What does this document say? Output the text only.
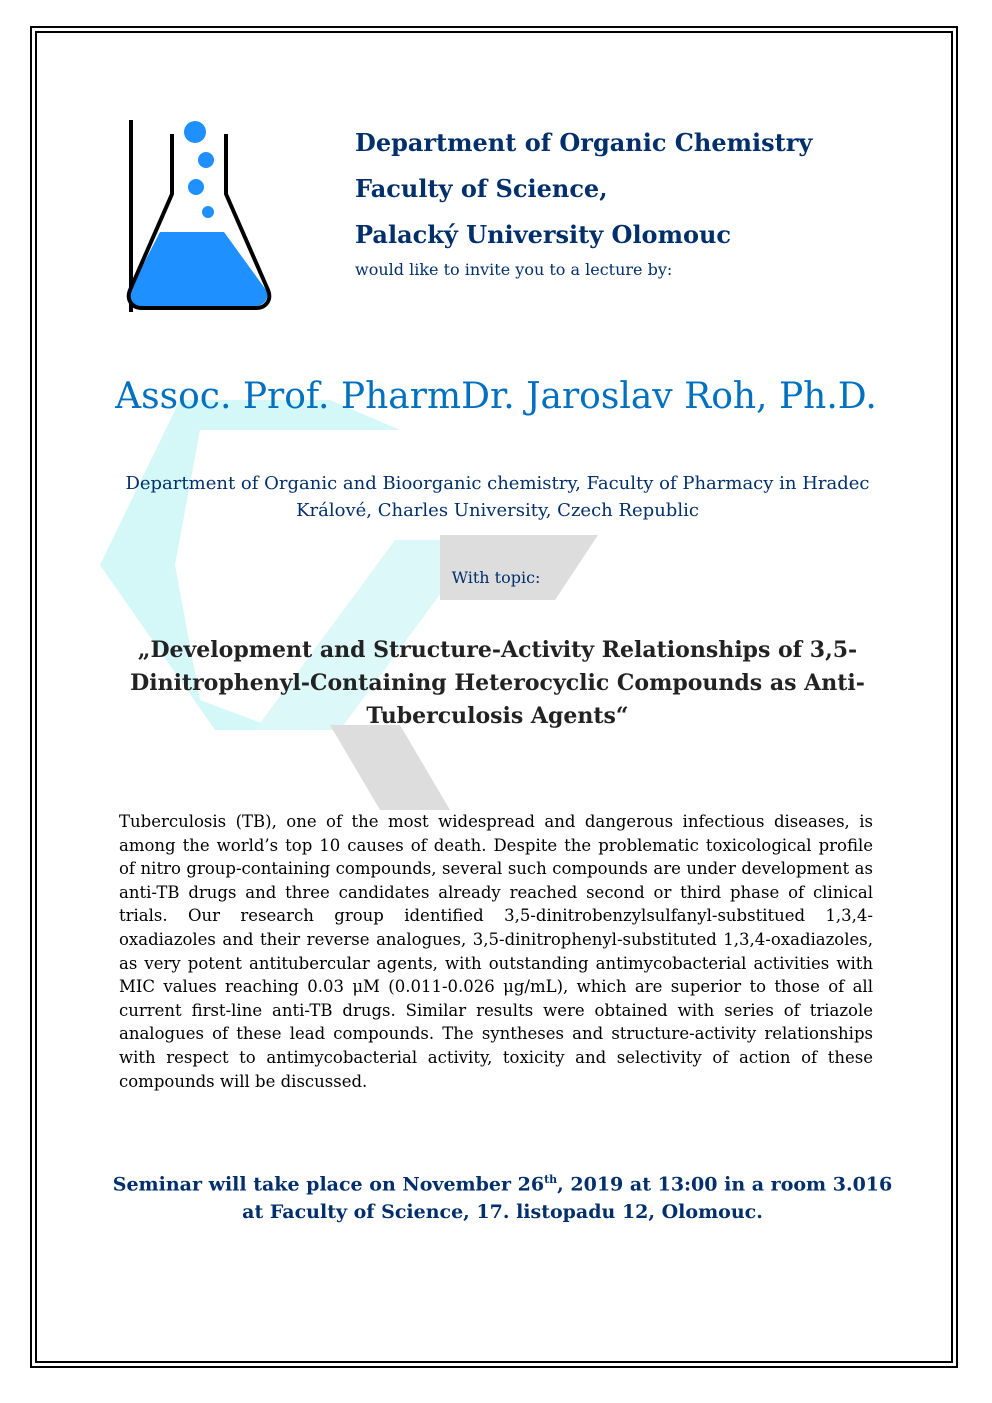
Department of Organic Chemistry
Faculty of Science,
Palacký University Olomouc
would like to invite you to a lecture by:
Assoc. Prof. PharmDr. Jaroslav Roh, Ph.D.
Department of Organic and Bioorganic chemistry, Faculty of Pharmacy in Hradec Králové, Charles University, Czech Republic
With topic:
„Development and Structure-Activity Relationships of 3,5-Dinitrophenyl-Containing Heterocyclic Compounds as Anti-Tuberculosis Agents“
Tuberculosis (TB), one of the most widespread and dangerous infectious diseases, is among the world’s top 10 causes of death. Despite the problematic toxicological profile of nitro group-containing compounds, several such compounds are under development as anti-TB drugs and three candidates already reached second or third phase of clinical trials. Our research group identified 3,5-dinitrobenzylsulfanyl-substitued 1,3,4-oxadiazoles and their reverse analogues, 3,5-dinitrophenyl-substituted 1,3,4-oxadiazoles, as very potent antitubercular agents, with outstanding antimycobacterial activities with MIC values reaching 0.03 μM (0.011-0.026 μg/mL), which are superior to those of all current first-line anti-TB drugs. Similar results were obtained with series of triazole analogues of these lead compounds. The syntheses and structure-activity relationships with respect to antimycobacterial activity, toxicity and selectivity of action of these compounds will be discussed.
Seminar will take place on November 26th, 2019 at 13:00 in a room 3.016 at Faculty of Science, 17. listopadu 12, Olomouc.
